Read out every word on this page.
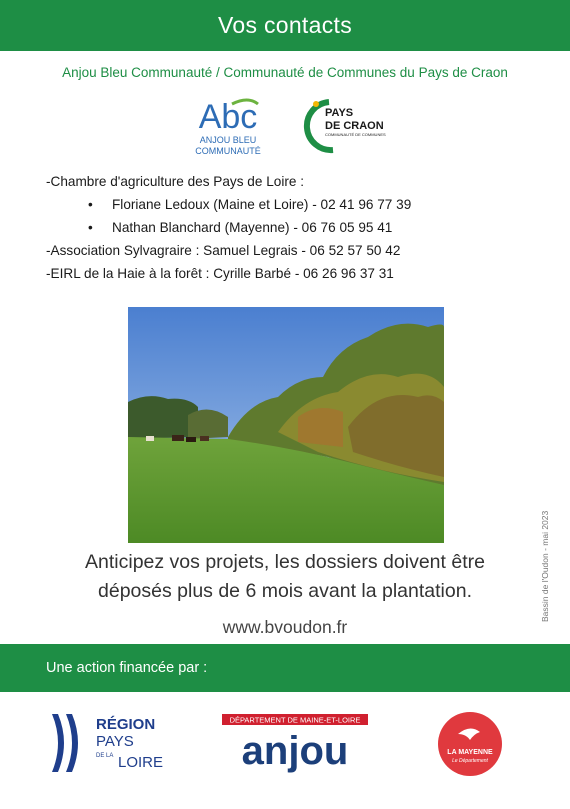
Vos contacts
Anjou Bleu Communauté / Communauté de Communes du Pays de Craon
Abc
ANJOU BLEU
COMMUNAUTÉ
PAYS
DE CRAON
COMMUNAUTÉ DE COMMUNES
-Chambre d'agriculture des Pays de Loire :
• Floriane Ledoux (Maine et Loire) - 02 41 96 77 39
• Nathan Blanchard (Mayenne) - 06 76 05 95 41
-Association Sylvagraire : Samuel Legrais - 06 52 57 50 42
-EIRL de la Haie à la forêt : Cyrille Barbé - 06 26 96 37 31
Anticipez vos projets, les dossiers doivent être
déposés plus de 6 mois avant la plantation.
www.bvoudon.fr
Bassin de l'Oudon - mai 2023
Une action financée par :
RÉGION
PAYS
DE LA LOIRE
DÉPARTEMENT DE MAINE-ET-LOIRE
anjou	LA MAYENNE
Le Département
